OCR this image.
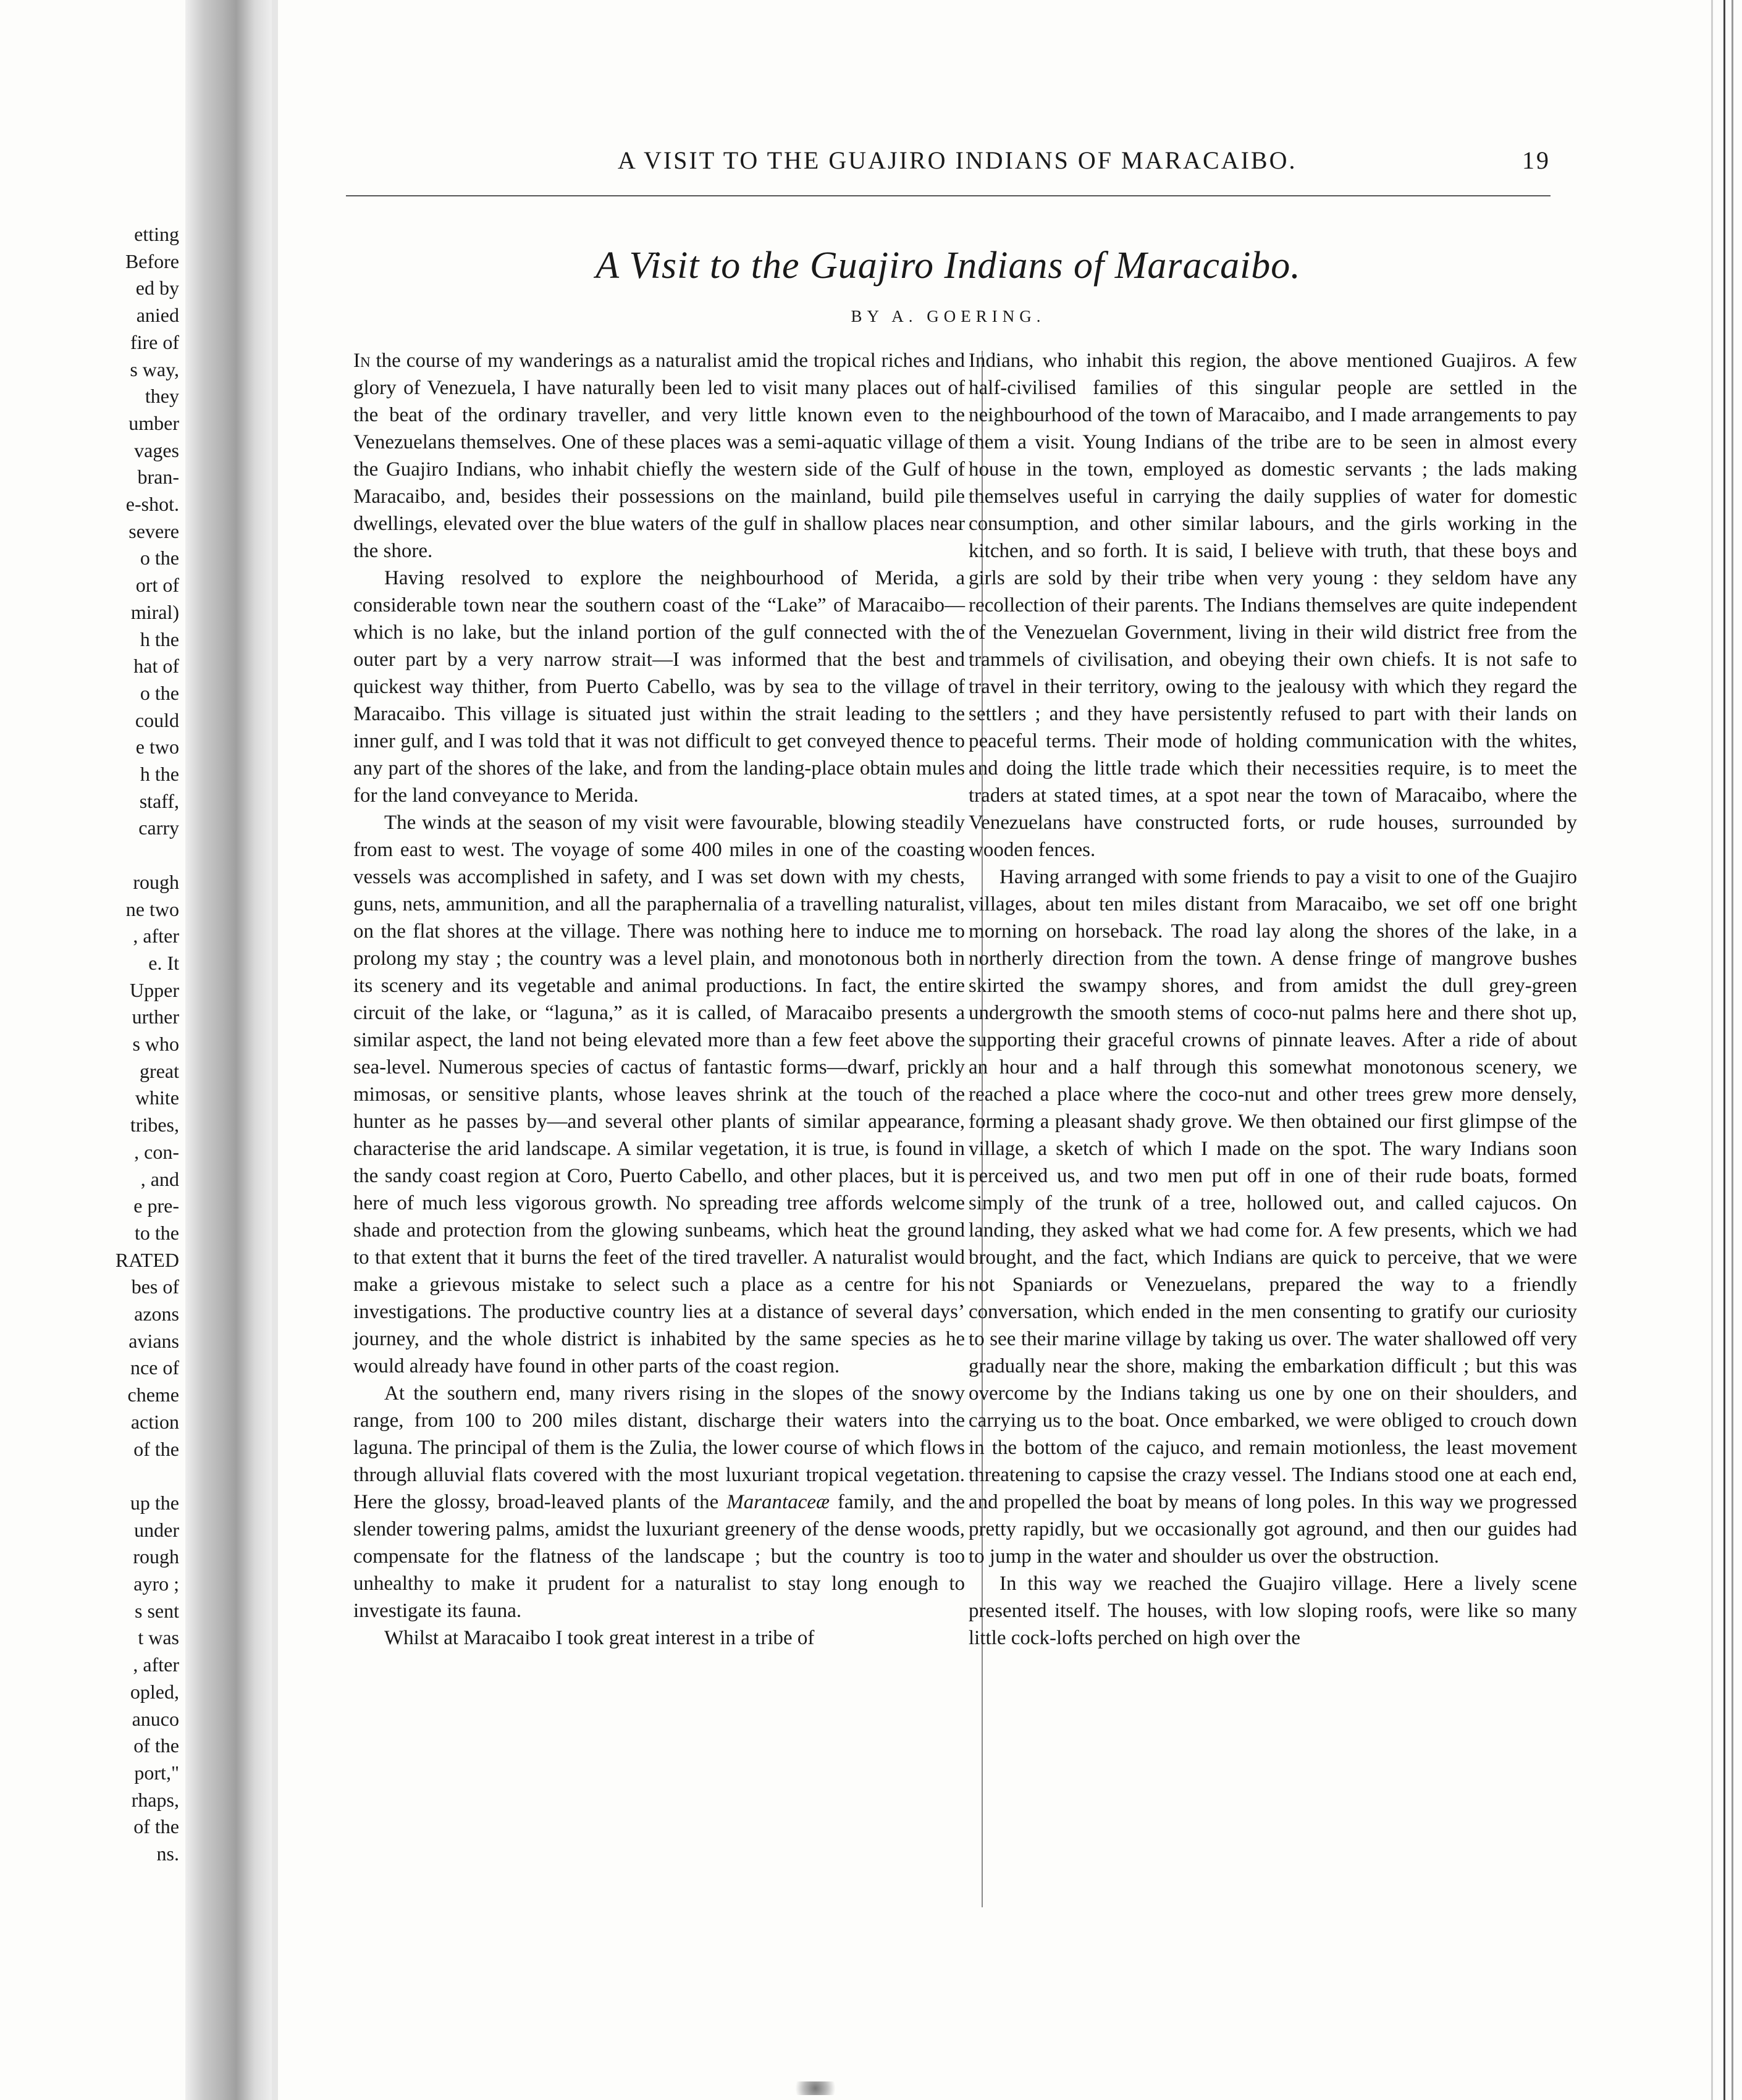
etting
Before
ed by
anied
fire of
s way,
they
umber
vages
bran-
e-shot.
severe
o the
ort of
miral)
h the
hat of
o the
could
e two
h the
staff,
carry
rough
ne two
, after
e. It
Upper
urther
s who
great
white
tribes,
, con-
, and
e pre-
to the
RATED
bes of
azons
avians
nce of
cheme
action
of the
up the
under
rough
ayro ;
s sent
t was
, after
opled,
anuco
of the
port,"
rhaps,
of the
ns.
A VISIT TO THE GUAJIRO INDIANS OF MARACAIBO.	19
A Visit to the Guajiro Indians of Maracaibo.
BY A. GOERING.

In the course of my wanderings as a naturalist amid the tropical riches and glory of Venezuela, I have naturally been led to visit many places out of the beat of the ordinary traveller, and very little known even to the Venezuelans themselves. One of these places was a semi-aquatic village of the Guajiro Indians, who inhabit chiefly the western side of the Gulf of Maracaibo, and, besides their possessions on the mainland, build pile dwellings, elevated over the blue waters of the gulf in shallow places near the shore.

Having resolved to explore the neighbourhood of Merida, a considerable town near the southern coast of the “Lake” of Maracaibo—which is no lake, but the inland portion of the gulf connected with the outer part by a very narrow strait—I was informed that the best and quickest way thither, from Puerto Cabello, was by sea to the village of Maracaibo. This village is situated just within the strait leading to the inner gulf, and I was told that it was not difficult to get conveyed thence to any part of the shores of the lake, and from the landing-place obtain mules for the land conveyance to Merida.

The winds at the season of my visit were favourable, blowing steadily from east to west. The voyage of some 400 miles in one of the coasting vessels was accomplished in safety, and I was set down with my chests, guns, nets, ammunition, and all the paraphernalia of a travelling naturalist, on the flat shores at the village. There was nothing here to induce me to prolong my stay ; the country was a level plain, and monotonous both in its scenery and its vegetable and animal productions. In fact, the entire circuit of the lake, or “laguna,” as it is called, of Maracaibo presents a similar aspect, the land not being elevated more than a few feet above the sea-level. Numerous species of cactus of fantastic forms—dwarf, prickly mimosas, or sensitive plants, whose leaves shrink at the touch of the hunter as he passes by—and several other plants of similar appearance, characterise the arid landscape. A similar vegetation, it is true, is found in the sandy coast region at Coro, Puerto Cabello, and other places, but it is here of much less vigorous growth. No spreading tree affords welcome shade and protection from the glowing sunbeams, which heat the ground to that extent that it burns the feet of the tired traveller. A naturalist would make a grievous mistake to select such a place as a centre for his investigations. The productive country lies at a distance of several days’ journey, and the whole district is inhabited by the same species as he would already have found in other parts of the coast region.

At the southern end, many rivers rising in the slopes of the snowy range, from 100 to 200 miles distant, discharge their waters into the laguna. The principal of them is the Zulia, the lower course of which flows through alluvial flats covered with the most luxuriant tropical vegetation. Here the glossy, broad-leaved plants of the Marantaceæ family, and the slender towering palms, amidst the luxuriant greenery of the dense woods, compensate for the flatness of the landscape ; but the country is too unhealthy to make it prudent for a naturalist to stay long enough to investigate its fauna.

Whilst at Maracaibo I took great interest in a tribe of

Indians, who inhabit this region, the above mentioned Guajiros. A few half-civilised families of this singular people are settled in the neighbourhood of the town of Maracaibo, and I made arrangements to pay them a visit. Young Indians of the tribe are to be seen in almost every house in the town, employed as domestic servants ; the lads making themselves useful in carrying the daily supplies of water for domestic consumption, and other similar labours, and the girls working in the kitchen, and so forth. It is said, I believe with truth, that these boys and girls are sold by their tribe when very young : they seldom have any recollection of their parents. The Indians themselves are quite independent of the Venezuelan Government, living in their wild district free from the trammels of civilisation, and obeying their own chiefs. It is not safe to travel in their territory, owing to the jealousy with which they regard the settlers ; and they have persistently refused to part with their lands on peaceful terms. Their mode of holding communication with the whites, and doing the little trade which their necessities require, is to meet the traders at stated times, at a spot near the town of Maracaibo, where the Venezuelans have constructed forts, or rude houses, surrounded by wooden fences.

Having arranged with some friends to pay a visit to one of the Guajiro villages, about ten miles distant from Maracaibo, we set off one bright morning on horseback. The road lay along the shores of the lake, in a northerly direction from the town. A dense fringe of mangrove bushes skirted the swampy shores, and from amidst the dull grey-green undergrowth the smooth stems of coco-nut palms here and there shot up, supporting their graceful crowns of pinnate leaves. After a ride of about an hour and a half through this somewhat monotonous scenery, we reached a place where the coco-nut and other trees grew more densely, forming a pleasant shady grove. We then obtained our first glimpse of the village, a sketch of which I made on the spot. The wary Indians soon perceived us, and two men put off in one of their rude boats, formed simply of the trunk of a tree, hollowed out, and called cajucos. On landing, they asked what we had come for. A few presents, which we had brought, and the fact, which Indians are quick to perceive, that we were not Spaniards or Venezuelans, prepared the way to a friendly conversation, which ended in the men consenting to gratify our curiosity to see their marine village by taking us over. The water shallowed off very gradually near the shore, making the embarkation difficult ; but this was overcome by the Indians taking us one by one on their shoulders, and carrying us to the boat. Once embarked, we were obliged to crouch down in the bottom of the cajuco, and remain motionless, the least movement threatening to capsise the crazy vessel. The Indians stood one at each end, and propelled the boat by means of long poles. In this way we progressed pretty rapidly, but we occasionally got aground, and then our guides had to jump in the water and shoulder us over the obstruction.

In this way we reached the Guajiro village. Here a lively scene presented itself. The houses, with low sloping roofs, were like so many little cock-lofts perched on high over the
